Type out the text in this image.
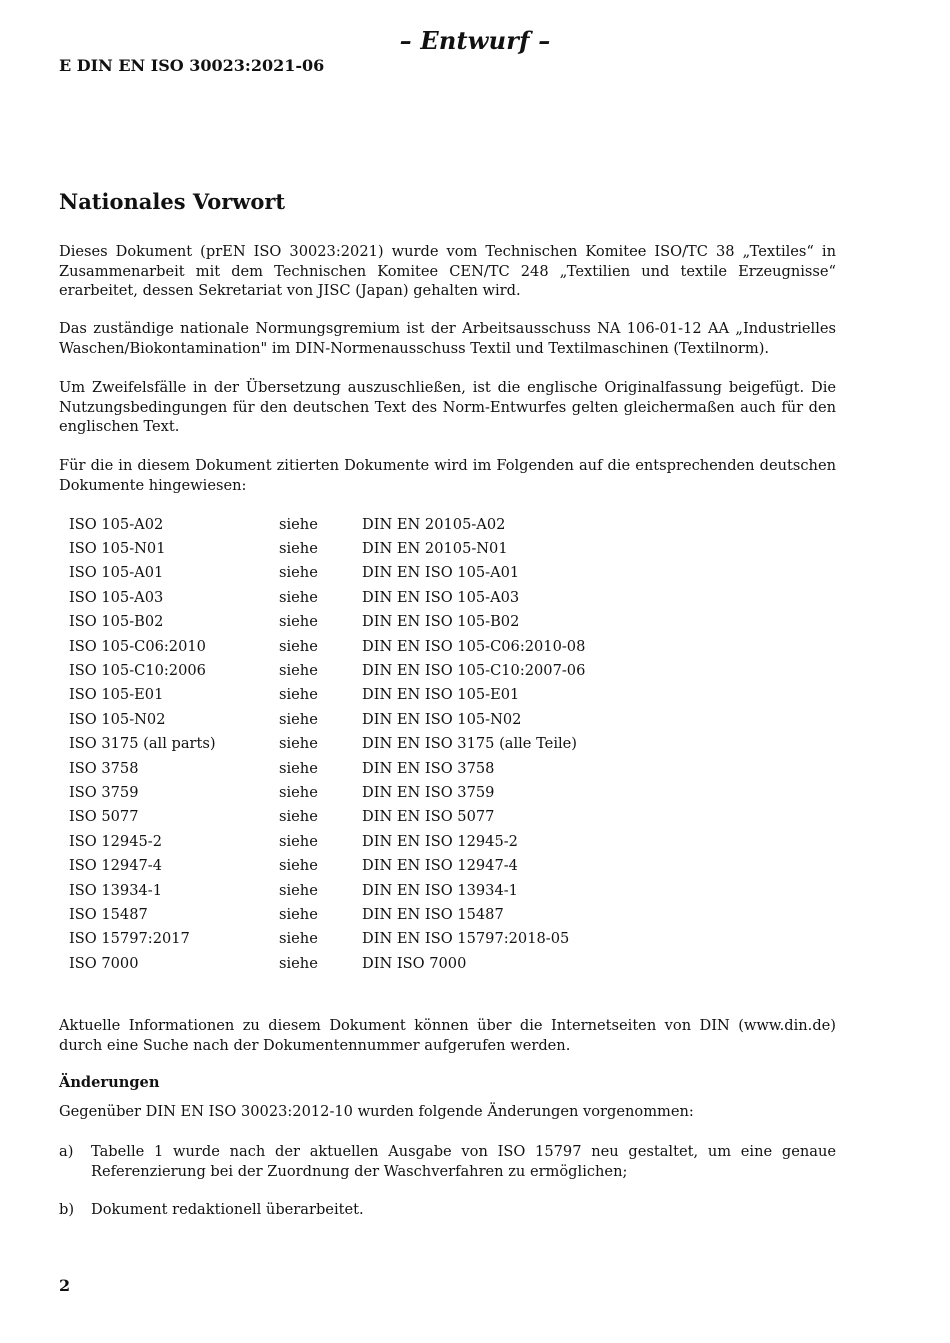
– Entwurf –
E DIN EN ISO 30023:2021-06
Nationales Vorwort
Dieses Dokument (prEN ISO 30023:2021) wurde vom Technischen Komitee ISO/TC 38 „Textiles“ in Zusammenarbeit mit dem Technischen Komitee CEN/TC 248 „Textilien und textile Erzeugnisse“ erarbeitet, dessen Sekretariat von JISC (Japan) gehalten wird.
Das zuständige nationale Normungsgremium ist der Arbeitsausschuss NA 106-01-12 AA „Industrielles Waschen/Biokontamination" im DIN-Normenausschuss Textil und Textilmaschinen (Textilnorm).
Um Zweifelsfälle in der Übersetzung auszuschließen, ist die englische Originalfassung beigefügt. Die Nutzungsbedingungen für den deutschen Text des Norm-Entwurfes gelten gleichermaßen auch für den englischen Text.
Für die in diesem Dokument zitierten Dokumente wird im Folgenden auf die entsprechenden deutschen Dokumente hingewiesen:
ISO 105-A02	siehe	DIN EN 20105-A02
ISO 105-N01	siehe	DIN EN 20105-N01
ISO 105-A01	siehe	DIN EN ISO 105-A01
ISO 105-A03	siehe	DIN EN ISO 105-A03
ISO 105-B02	siehe	DIN EN ISO 105-B02
ISO 105-C06:2010	siehe	DIN EN ISO 105-C06:2010-08
ISO 105-C10:2006	siehe	DIN EN ISO 105-C10:2007-06
ISO 105-E01	siehe	DIN EN ISO 105-E01
ISO 105-N02	siehe	DIN EN ISO 105-N02
ISO 3175 (all parts)	siehe	DIN EN ISO 3175 (alle Teile)
ISO 3758	siehe	DIN EN ISO 3758
ISO 3759	siehe	DIN EN ISO 3759
ISO 5077	siehe	DIN EN ISO 5077
ISO 12945-2	siehe	DIN EN ISO 12945-2
ISO 12947-4	siehe	DIN EN ISO 12947-4
ISO 13934-1	siehe	DIN EN ISO 13934-1
ISO 15487	siehe	DIN EN ISO 15487
ISO 15797:2017	siehe	DIN EN ISO 15797:2018-05
ISO 7000	siehe	DIN ISO 7000
Aktuelle Informationen zu diesem Dokument können über die Internetseiten von DIN (www.din.de) durch eine Suche nach der Dokumentennummer aufgerufen werden.
Änderungen
Gegenüber DIN EN ISO 30023:2012-10 wurden folgende Änderungen vorgenommen:
a) Tabelle 1 wurde nach der aktuellen Ausgabe von ISO 15797 neu gestaltet, um eine genaue Referenzierung bei der Zuordnung der Waschverfahren zu ermöglichen;
b) Dokument redaktionell überarbeitet.
2
